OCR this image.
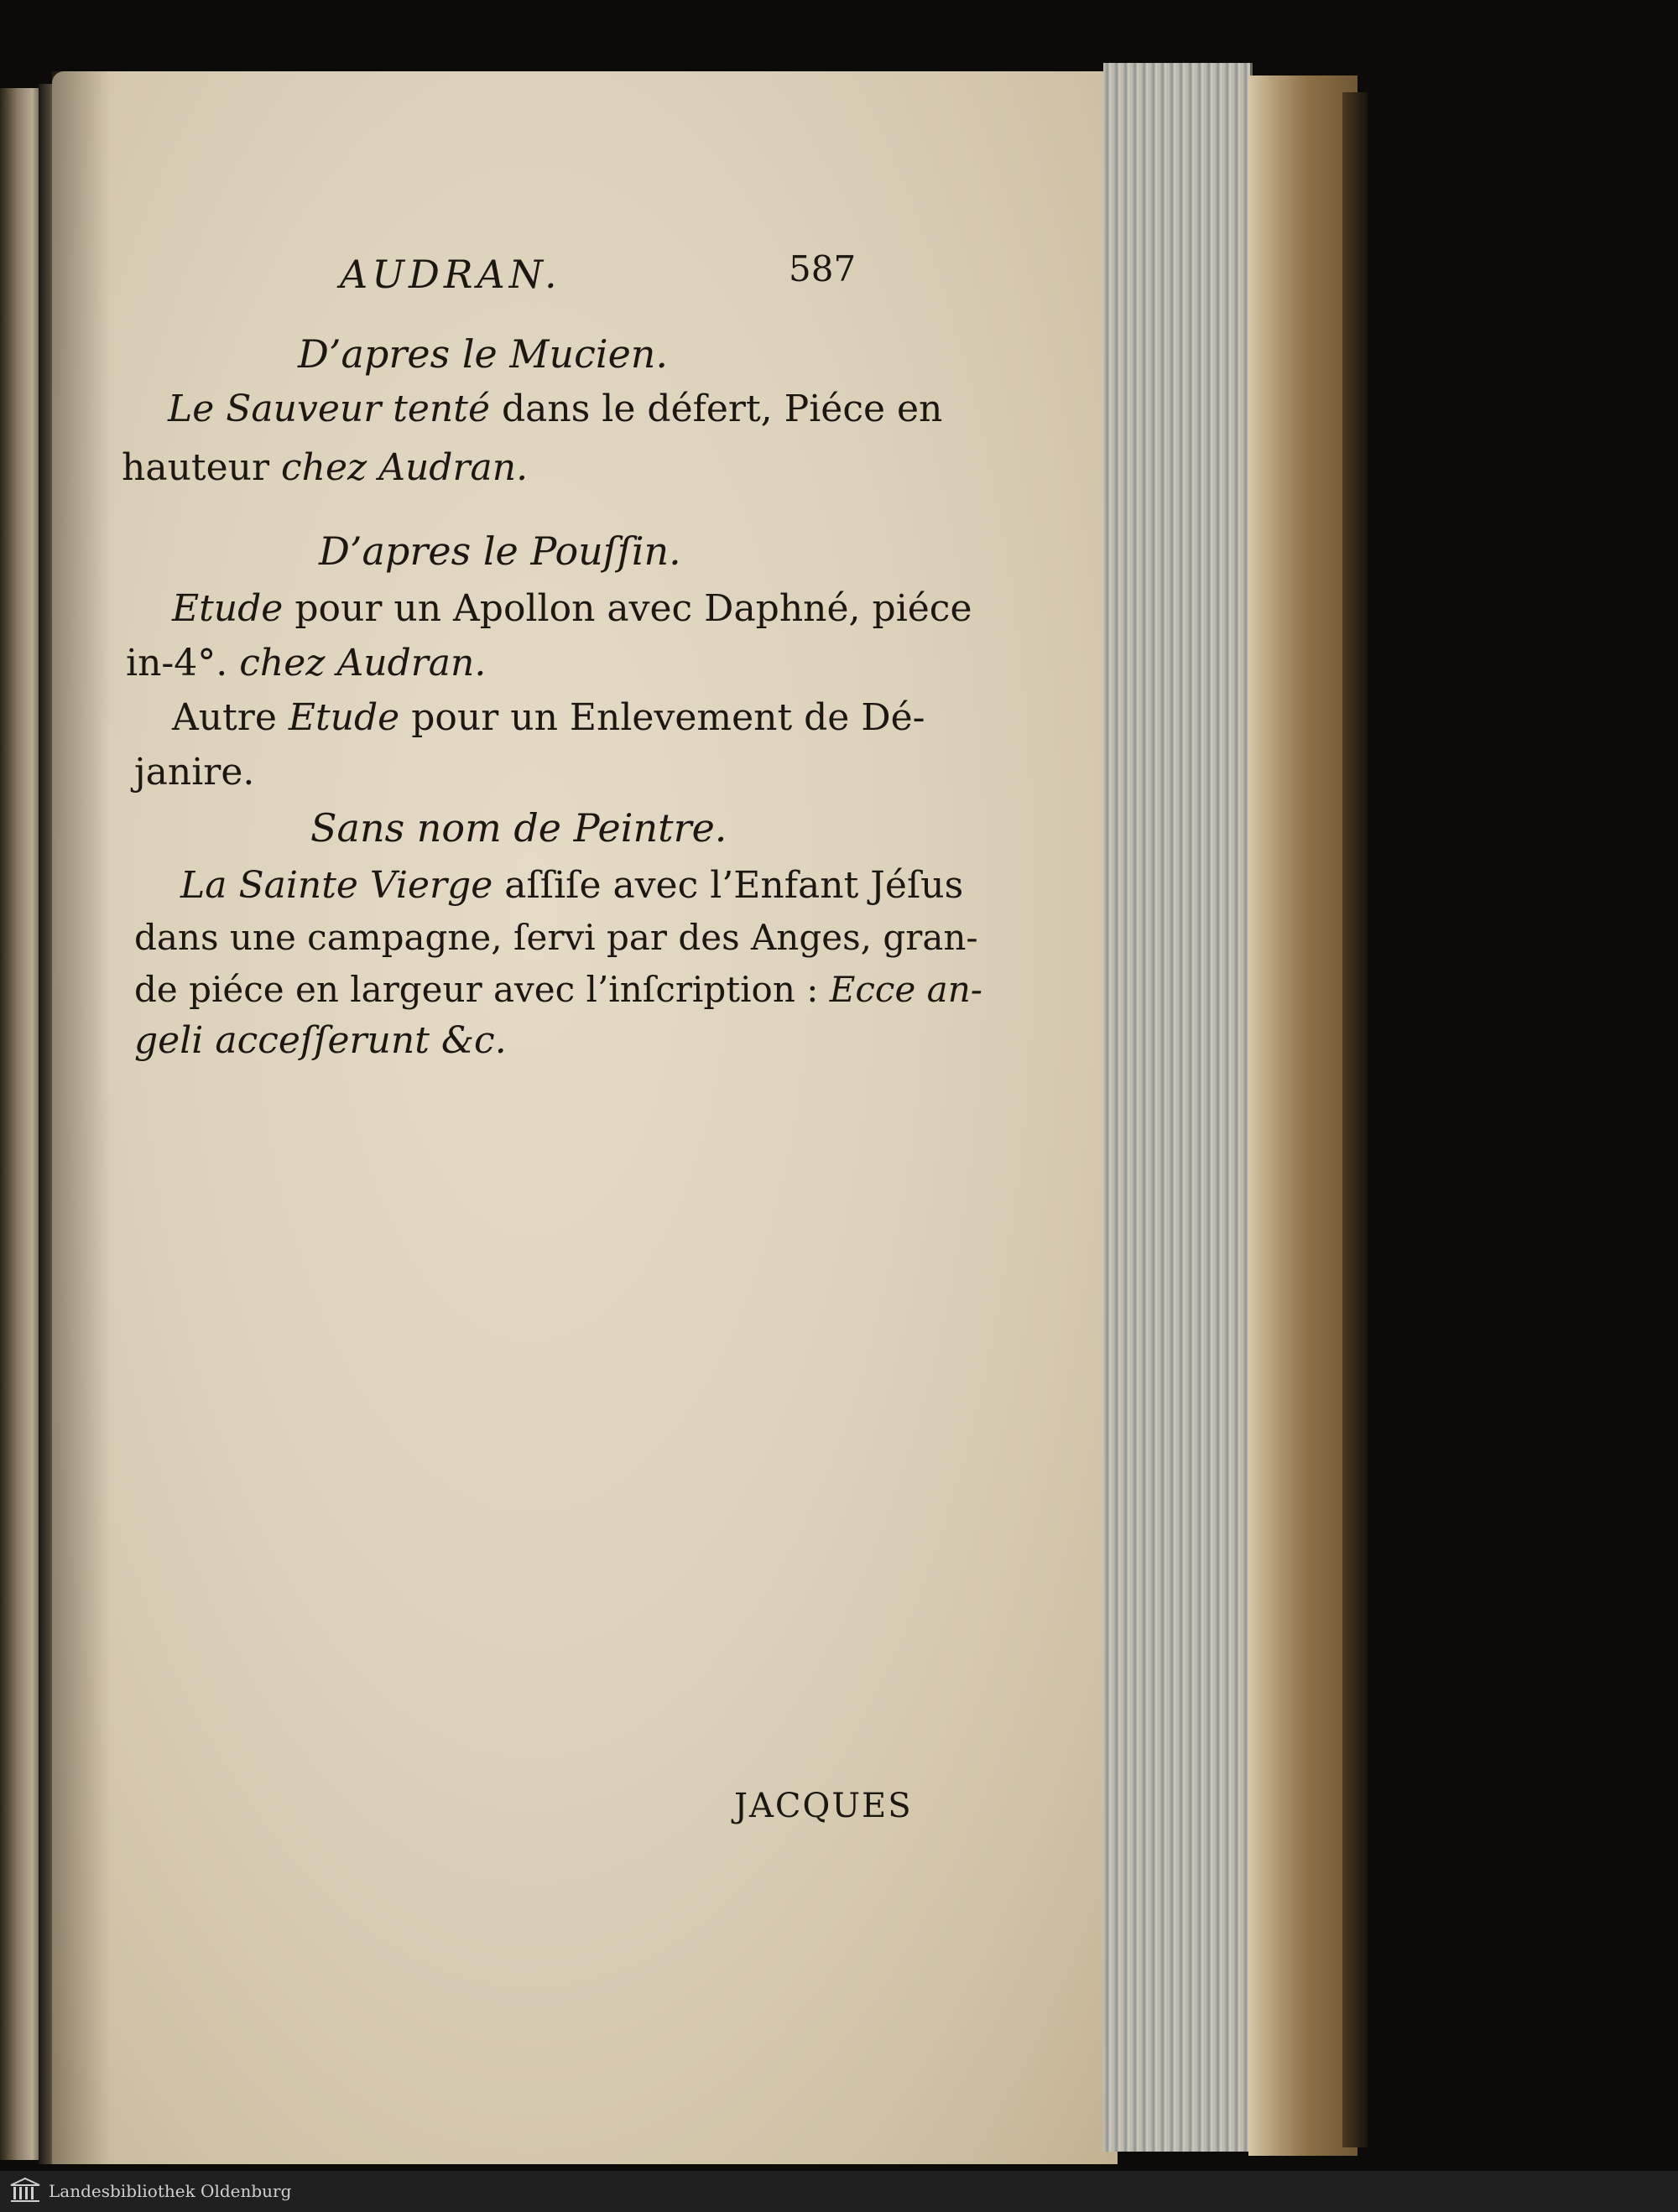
AUDRAN.	587
D’apres le Mucien.
Le Sauveur tenté dans le défert, Piéce en
hauteur chez Audran.
D’apres le Pouſſin.
Etude pour un Apollon avec Daphné, piéce
in-4°. chez Audran.
Autre Etude pour un Enlevement de Dé-
janire.
Sans nom de Peintre.
La Sainte Vierge aſſiſe avec l’Enfant Jéſus
dans une campagne, ſervi par des Anges, gran-
de piéce en largeur avec l’inſcription : Ecce an-
geli acceſſerunt &c.
JACQUES
Landesbibliothek Oldenburg
